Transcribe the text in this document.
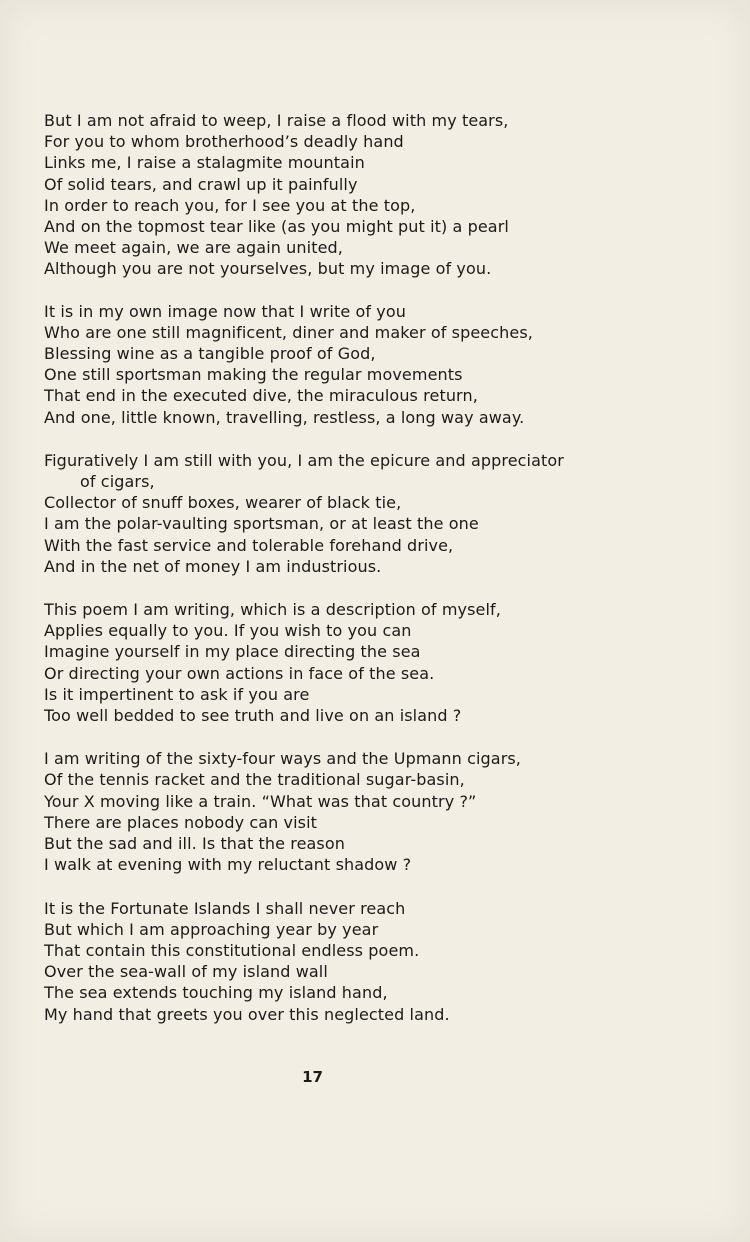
But I am not afraid to weep, I raise a flood with my tears,
For you to whom brotherhood’s deadly hand
Links me, I raise a stalagmite mountain
Of solid tears, and crawl up it painfully
In order to reach you, for I see you at the top,
And on the topmost tear like (as you might put it) a pearl
We meet again, we are again united,
Although you are not yourselves, but my image of you.
It is in my own image now that I write of you
Who are one still magnificent, diner and maker of speeches,
Blessing wine as a tangible proof of God,
One still sportsman making the regular movements
That end in the executed dive, the miraculous return,
And one, little known, travelling, restless, a long way away.
Figuratively I am still with you, I am the epicure and appreciator
of cigars,
Collector of snuff boxes, wearer of black tie,
I am the polar-vaulting sportsman, or at least the one
With the fast service and tolerable forehand drive,
And in the net of money I am industrious.
This poem I am writing, which is a description of myself,
Applies equally to you. If you wish to you can
Imagine yourself in my place directing the sea
Or directing your own actions in face of the sea.
Is it impertinent to ask if you are
Too well bedded to see truth and live on an island ?
I am writing of the sixty-four ways and the Upmann cigars,
Of the tennis racket and the traditional sugar-basin,
Your X moving like a train. “What was that country ?”
There are places nobody can visit
But the sad and ill. Is that the reason
I walk at evening with my reluctant shadow ?
It is the Fortunate Islands I shall never reach
But which I am approaching year by year
That contain this constitutional endless poem.
Over the sea-wall of my island wall
The sea extends touching my island hand,
My hand that greets you over this neglected land.
17
